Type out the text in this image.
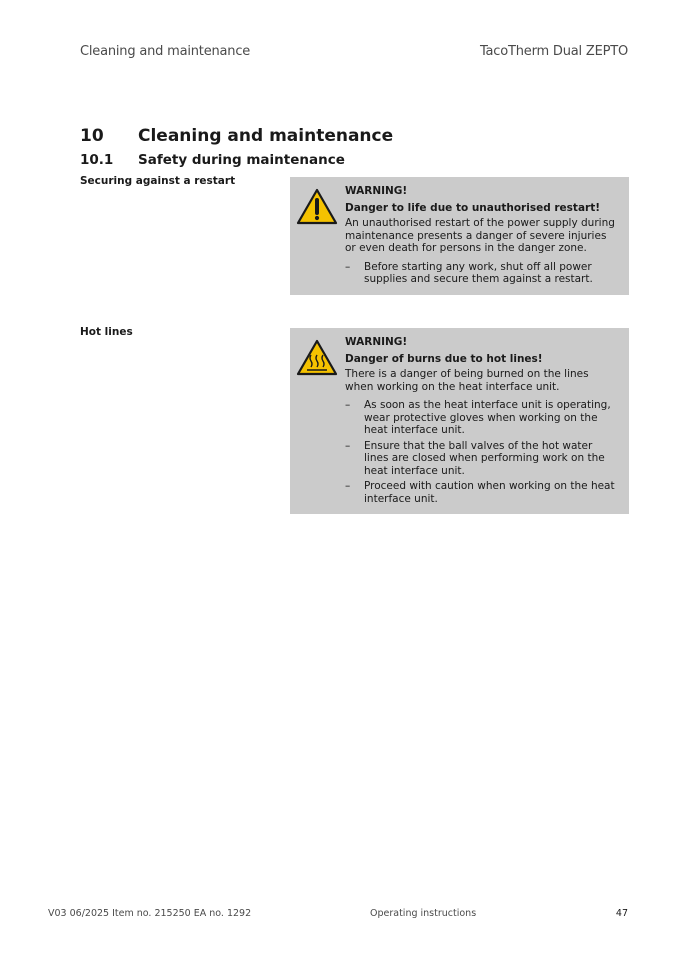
Cleaning and maintenance	TacoTherm Dual ZEPTO
10 Cleaning and maintenance
10.1 Safety during maintenance
Securing against a restart
WARNING!
Danger to life due to unauthorised restart!
An unauthorised restart of the power supply during maintenance presents a danger of severe injuries or even death for persons in the danger zone.
– Before starting any work, shut off all power supplies and secure them against a restart.
Hot lines
WARNING!
Danger of burns due to hot lines!
There is a danger of being burned on the lines when working on the heat interface unit.
– As soon as the heat interface unit is operating, wear protective gloves when working on the heat interface unit.
– Ensure that the ball valves of the hot water lines are closed when performing work on the heat interface unit.
– Proceed with caution when working on the heat interface unit.
V03 06/2025 Item no. 215250 EA no. 1292	Operating instructions	47
